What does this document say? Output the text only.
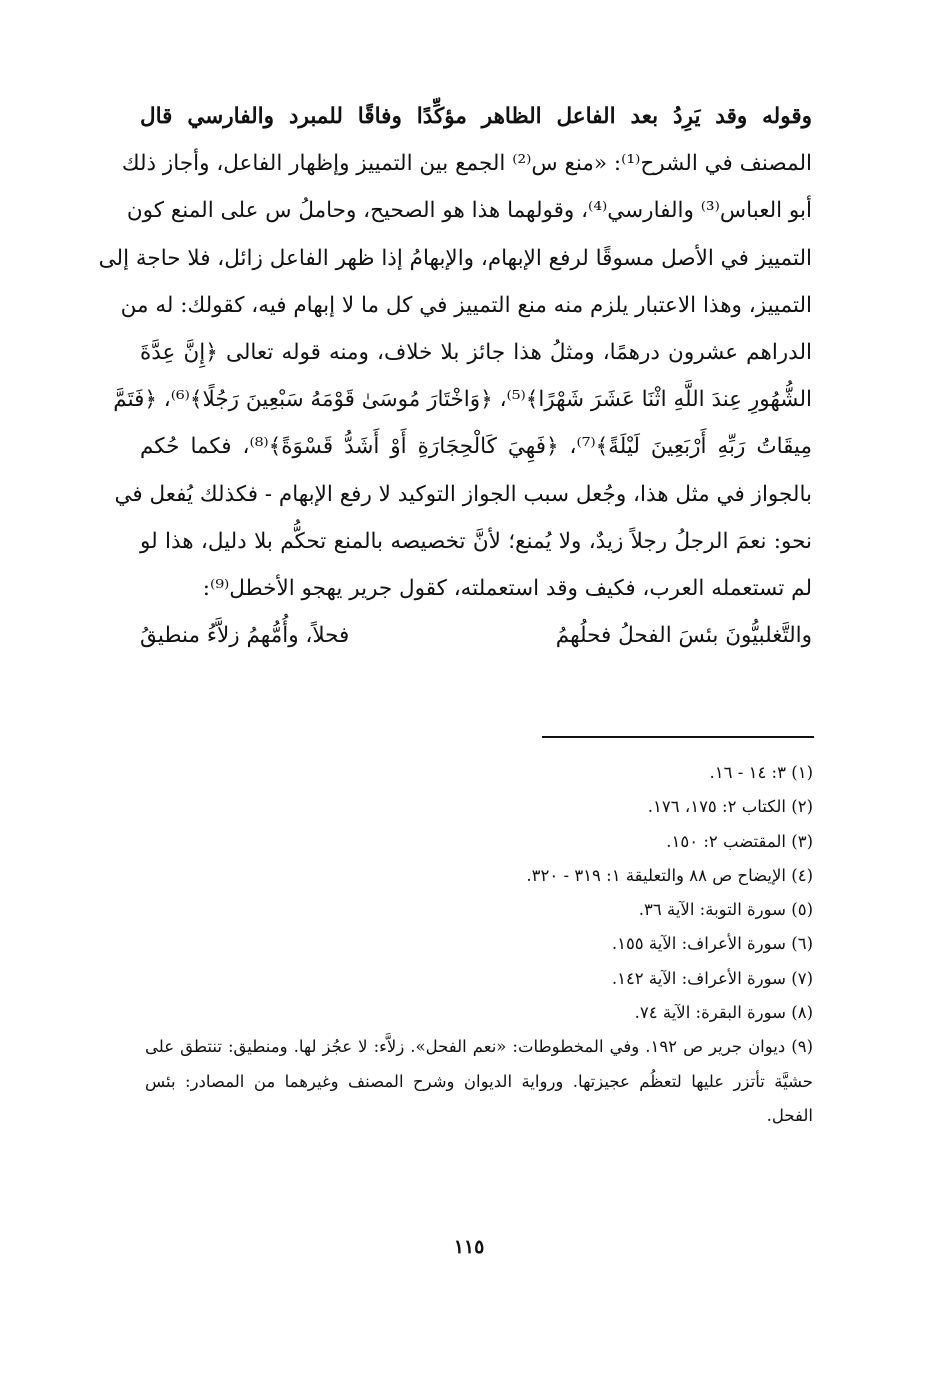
وقوله وقد يَرِدُ بعد الفاعل الظاهر مؤكِّدًا وفاقًا للمبرد والفارسي قال
المصنف في الشرح⁽¹⁾: «منع س⁽²⁾ الجمع بين التمييز وإظهار الفاعل، وأجاز ذلك
أبو العباس⁽³⁾ والفارسي⁽⁴⁾، وقولهما هذا هو الصحيح، وحاملُ س على المنع كون
التمييز في الأصل مسوقًا لرفع الإبهام، والإبهامُ إذا ظهر الفاعل زائل، فلا حاجة إلى
التمييز، وهذا الاعتبار يلزم منه منع التمييز في كل ما لا إبهام فيه، كقولك: له من
الدراهم عشرون درهمًا، ومثلُ هذا جائز بلا خلاف، ومنه قوله تعالى ﴿إِنَّ عِدَّةَ
الشُّهُورِ عِندَ اللَّهِ اثْنَا عَشَرَ شَهْرًا﴾⁽⁵⁾، ﴿وَاخْتَارَ مُوسَىٰ قَوْمَهُ سَبْعِينَ رَجُلًا﴾⁽⁶⁾، ﴿فَتَمَّ
مِيقَاتُ رَبِّهِ أَرْبَعِينَ لَيْلَةً﴾⁽⁷⁾، ﴿فَهِيَ كَالْحِجَارَةِ أَوْ أَشَدُّ قَسْوَةً﴾⁽⁸⁾، فكما حُكم
بالجواز في مثل هذا، وجُعل سبب الجواز التوكيد لا رفع الإبهام - فكذلك يُفعل في
نحو: نعمَ الرجلُ رجلاً زيدٌ، ولا يُمنع؛ لأنَّ تخصيصه بالمنع تحكُّم بلا دليل، هذا لو
لم تستعمله العرب، فكيف وقد استعملته، كقول جرير يهجو الأخطل⁽⁹⁾:
والتَّغلبيُّونَ بئسَ الفحلُ فحلُهمُ
فحلاً، وأُمُّهمُ زلاَّءُ منطيقُ
(١) ٣: ١٤ - ١٦.
(٢) الكتاب ٢: ١٧٥، ١٧٦.
(٣) المقتضب ٢: ١٥٠.
(٤) الإيضاح ص ٨٨ والتعليقة ١: ٣١٩ - ٣٢٠.
(٥) سورة التوبة: الآية ٣٦.
(٦) سورة الأعراف: الآية ١٥٥.
(٧) سورة الأعراف: الآية ١٤٢.
(٨) سورة البقرة: الآية ٧٤.
(٩) ديوان جرير ص ١٩٢. وفي المخطوطات: «نعم الفحل». زلاَّء: لا عجُز لها. ومنطيق: تنتطق على حشيَّة تأتزر عليها لتعظُم عجيزتها. ورواية الديوان وشرح المصنف وغيرهما من المصادر: بئس الفحل.
١١٥
